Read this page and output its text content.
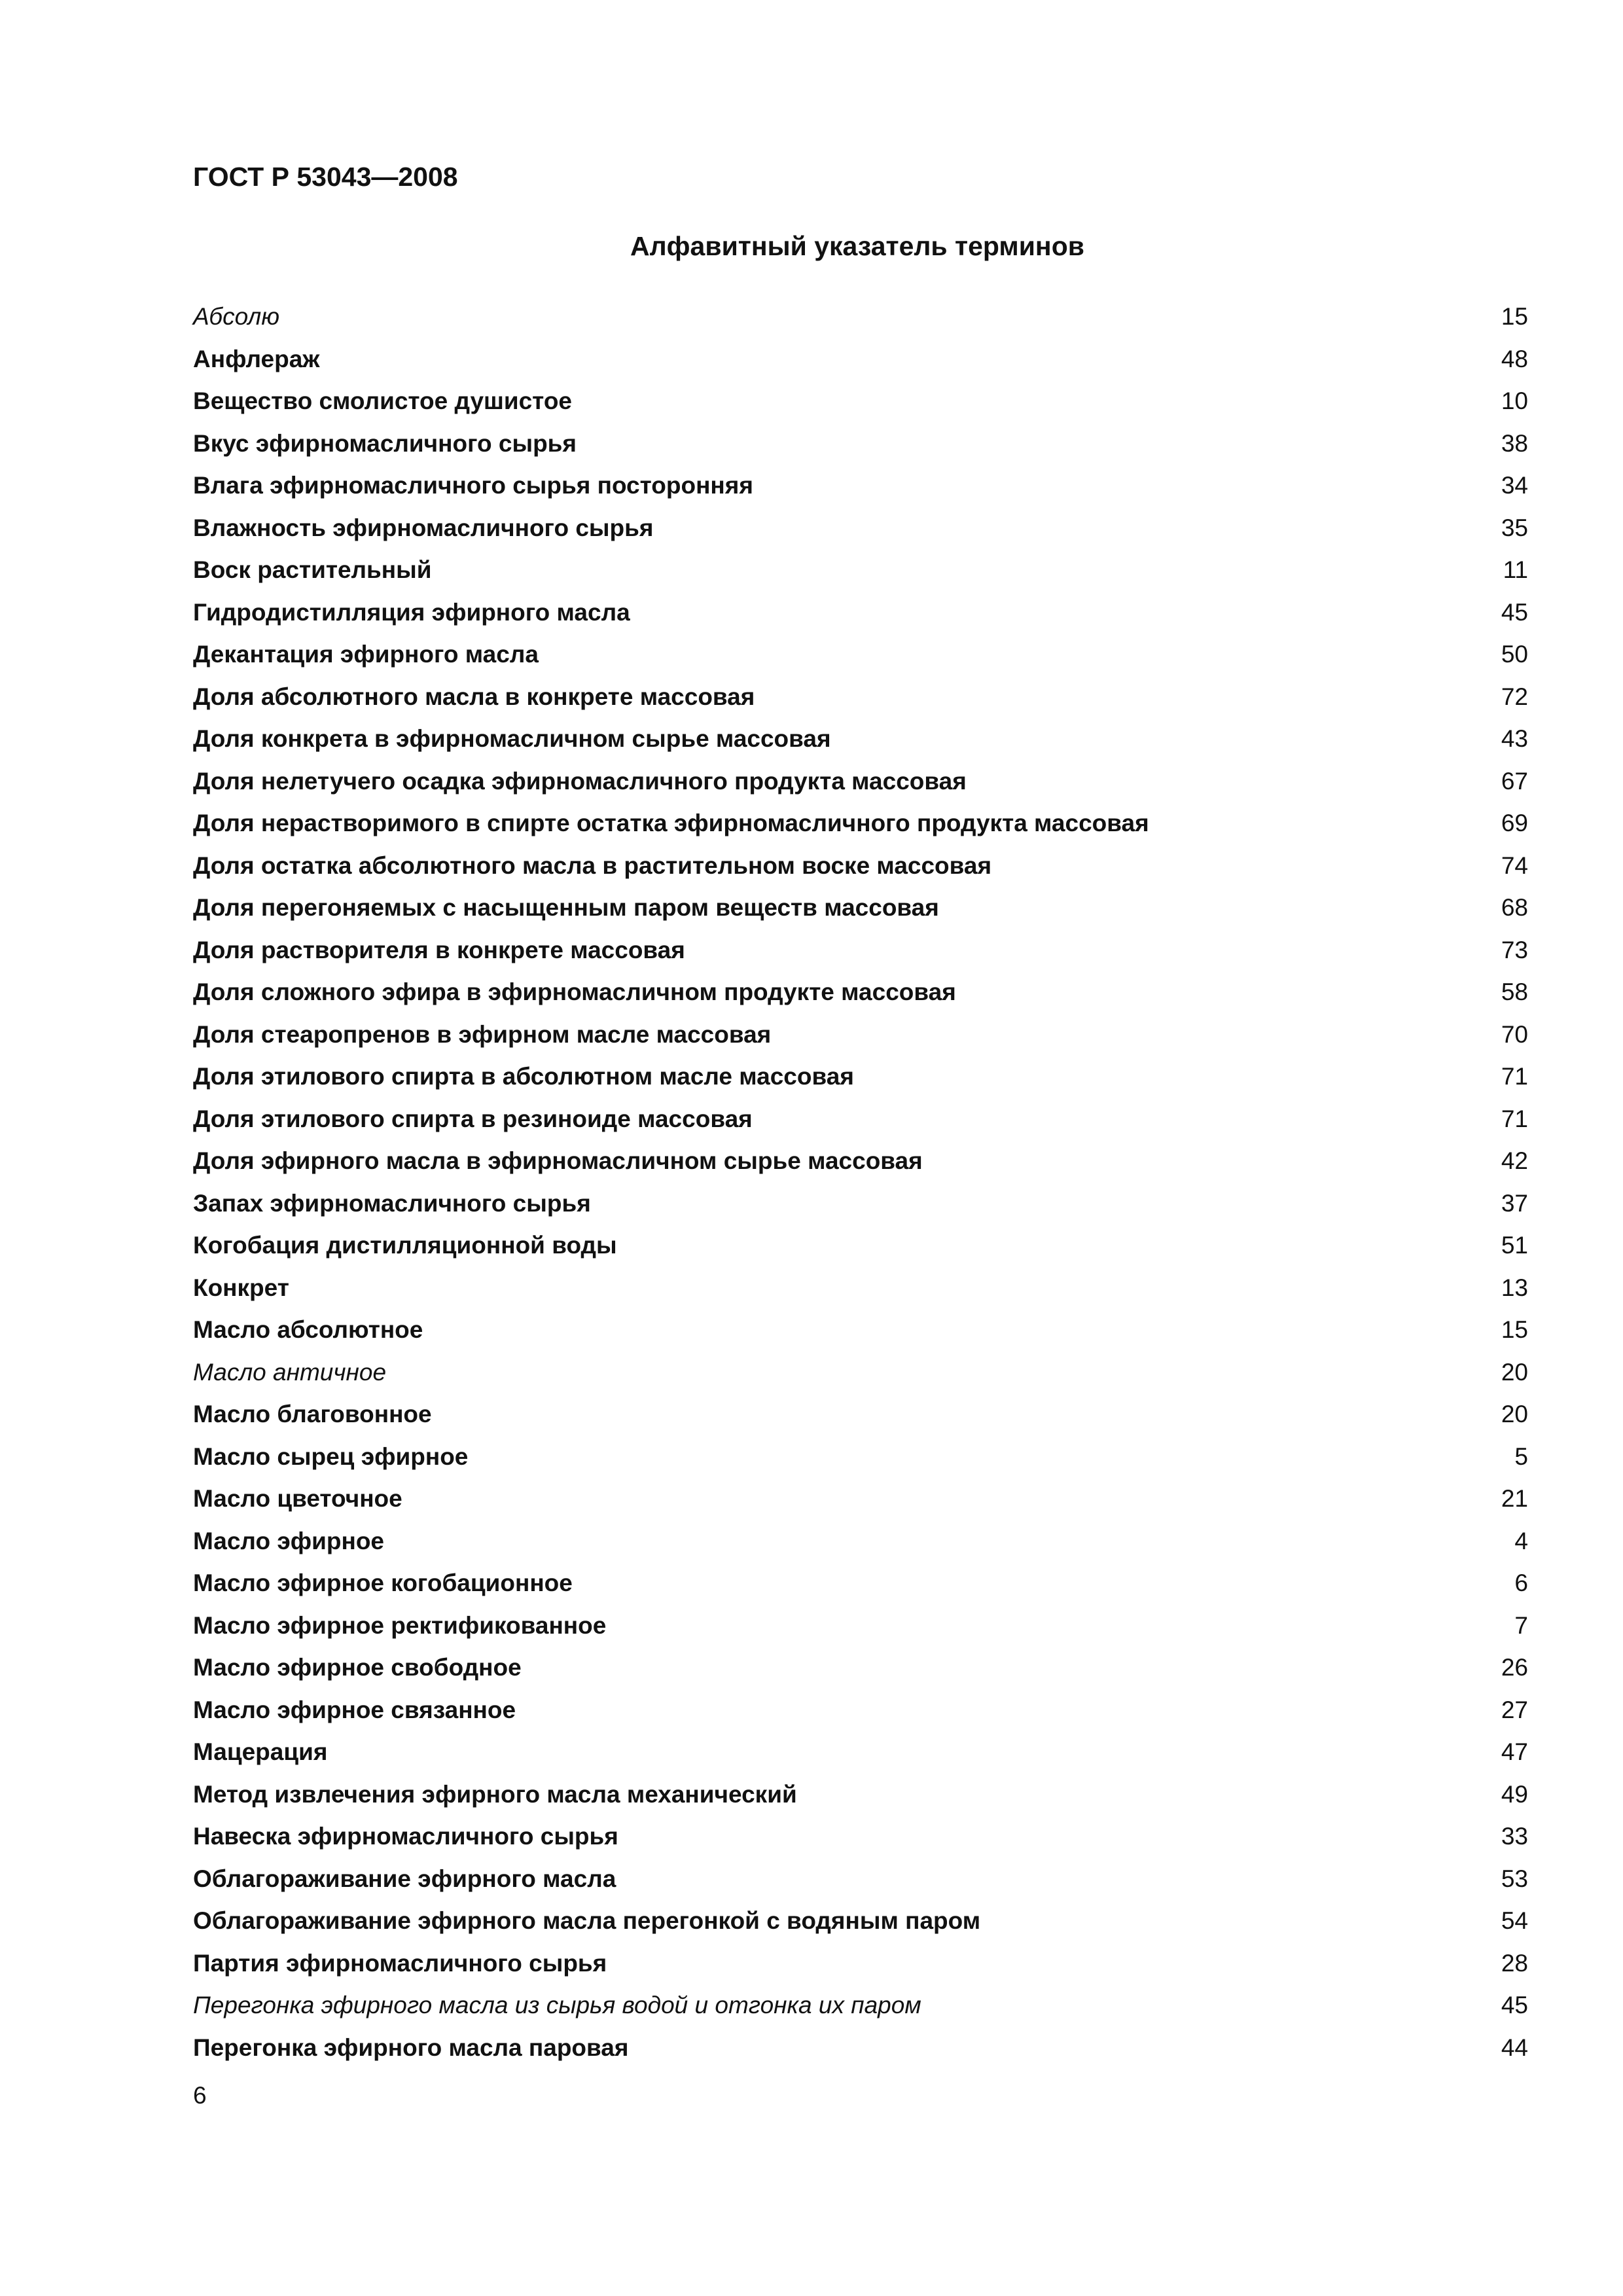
ГОСТ Р 53043—2008
Алфавитный указатель терминов
Абсолю	15
Анфлераж	48
Вещество смолистое душистое	10
Вкус эфирномасличного сырья	38
Влага эфирномасличного сырья посторонняя	34
Влажность эфирномасличного сырья	35
Воск растительный	11
Гидродистилляция эфирного масла	45
Декантация эфирного масла	50
Доля абсолютного масла в конкрете массовая	72
Доля конкрета в эфирномасличном сырье массовая	43
Доля нелетучего осадка эфирномасличного продукта массовая	67
Доля нерастворимого в спирте остатка эфирномасличного продукта массовая	69
Доля остатка абсолютного масла в растительном воске массовая	74
Доля перегоняемых с насыщенным паром веществ массовая	68
Доля растворителя в конкрете массовая	73
Доля сложного эфира в эфирномасличном продукте массовая	58
Доля стеаропренов в эфирном масле массовая	70
Доля этилового спирта в абсолютном масле массовая	71
Доля этилового спирта в резиноиде массовая	71
Доля эфирного масла в эфирномасличном сырье массовая	42
Запах эфирномасличного сырья	37
Когобация дистилляционной воды	51
Конкрет	13
Масло абсолютное	15
Масло античное	20
Масло благовонное	20
Масло сырец эфирное	5
Масло цветочное	21
Масло эфирное	4
Масло эфирное когобационное	6
Масло эфирное ректификованное	7
Масло эфирное свободное	26
Масло эфирное связанное	27
Мацерация	47
Метод извлечения эфирного масла механический	49
Навеска эфирномасличного сырья	33
Облагораживание эфирного масла	53
Облагораживание эфирного масла перегонкой с водяным паром	54
Партия эфирномасличного сырья	28
Перегонка эфирного масла из сырья водой и отгонка их паром	45
Перегонка эфирного масла паровая	44

6
